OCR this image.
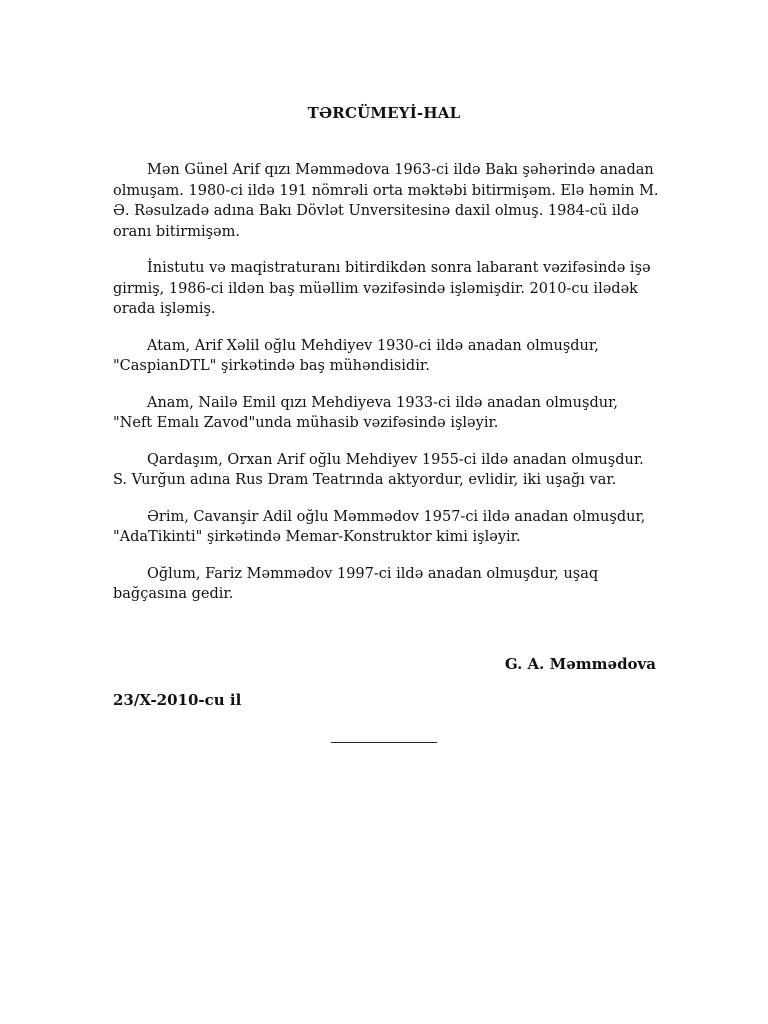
TƏRCÜMEYİ-HAL

Mən Günel Arif qızı Məmmədova 1963-ci ildə Bakı şəhərində anadan olmuşam. 1980-ci ildə 191 nömrəli orta məktəbi bitirmişəm. Elə həmin M. Ə. Rəsulzadə adına Bakı Dövlət Unversitesinə daxil olmuş. 1984-cü ildə oranı bitirmişəm.

İnistutu və maqistraturanı bitirdikdən sonra labarant vəzifəsində işə girmiş, 1986-ci ildən baş müəllim vəzifəsində işləmişdir. 2010-cu ilədək orada işləmiş.

Atam, Arif Xəlil oğlu Mehdiyev 1930-ci ildə anadan olmuşdur, "CaspianDTL" şirkətində baş mühəndisidir.

Anam, Nailə Emil qızı Mehdiyeva 1933-ci ildə anadan olmuşdur, "Neft Emalı Zavod"unda mühasib vəzifəsində işləyir.

Qardaşım, Orxan Arif oğlu Mehdiyev 1955-ci ildə anadan olmuşdur. S. Vurğun adına Rus Dram Teatrında aktyordur, evlidir, iki uşağı var.

Ərim, Cavanşir Adil oğlu Məmmədov 1957-ci ildə anadan olmuşdur, "AdaTikinti" şirkətində Memar-Konstruktor kimi işləyir.

Oğlum, Fariz Məmmədov 1997-ci ildə anadan olmuşdur, uşaq bağçasına gedir.

G. A. Məmmədova
23/X-2010-cu il
